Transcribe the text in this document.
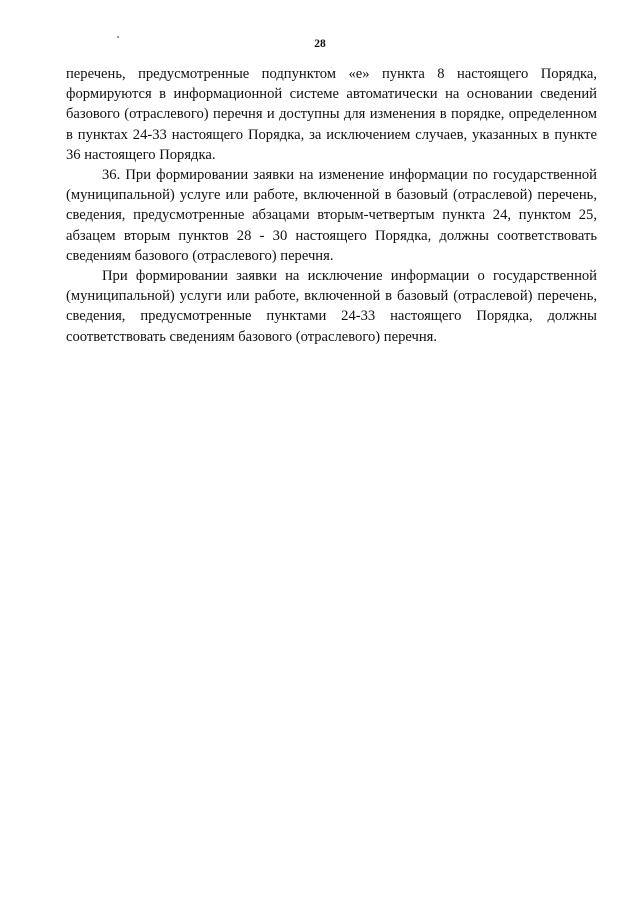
28

перечень, предусмотренные подпунктом «е» пункта 8 настоящего Порядка, формируются в информационной системе автоматически на основании сведений базового (отраслевого) перечня и доступны для изменения в порядке, определенном в пунктах 24-33 настоящего Порядка, за исключением случаев, указанных в пункте 36 настоящего Порядка.

36. При формировании заявки на изменение информации по государственной (муниципальной) услуге или работе, включенной в базовый (отраслевой) перечень, сведения, предусмотренные абзацами вторым-четвертым пункта 24, пунктом 25, абзацем вторым пунктов 28 - 30 настоящего Порядка, должны соответствовать сведениям базового (отраслевого) перечня.

При формировании заявки на исключение информации о государственной (муниципальной) услуги или работе, включенной в базовый (отраслевой) перечень, сведения, предусмотренные пунктами 24-33 настоящего Порядка, должны соответствовать сведениям базового (отраслевого) перечня.
